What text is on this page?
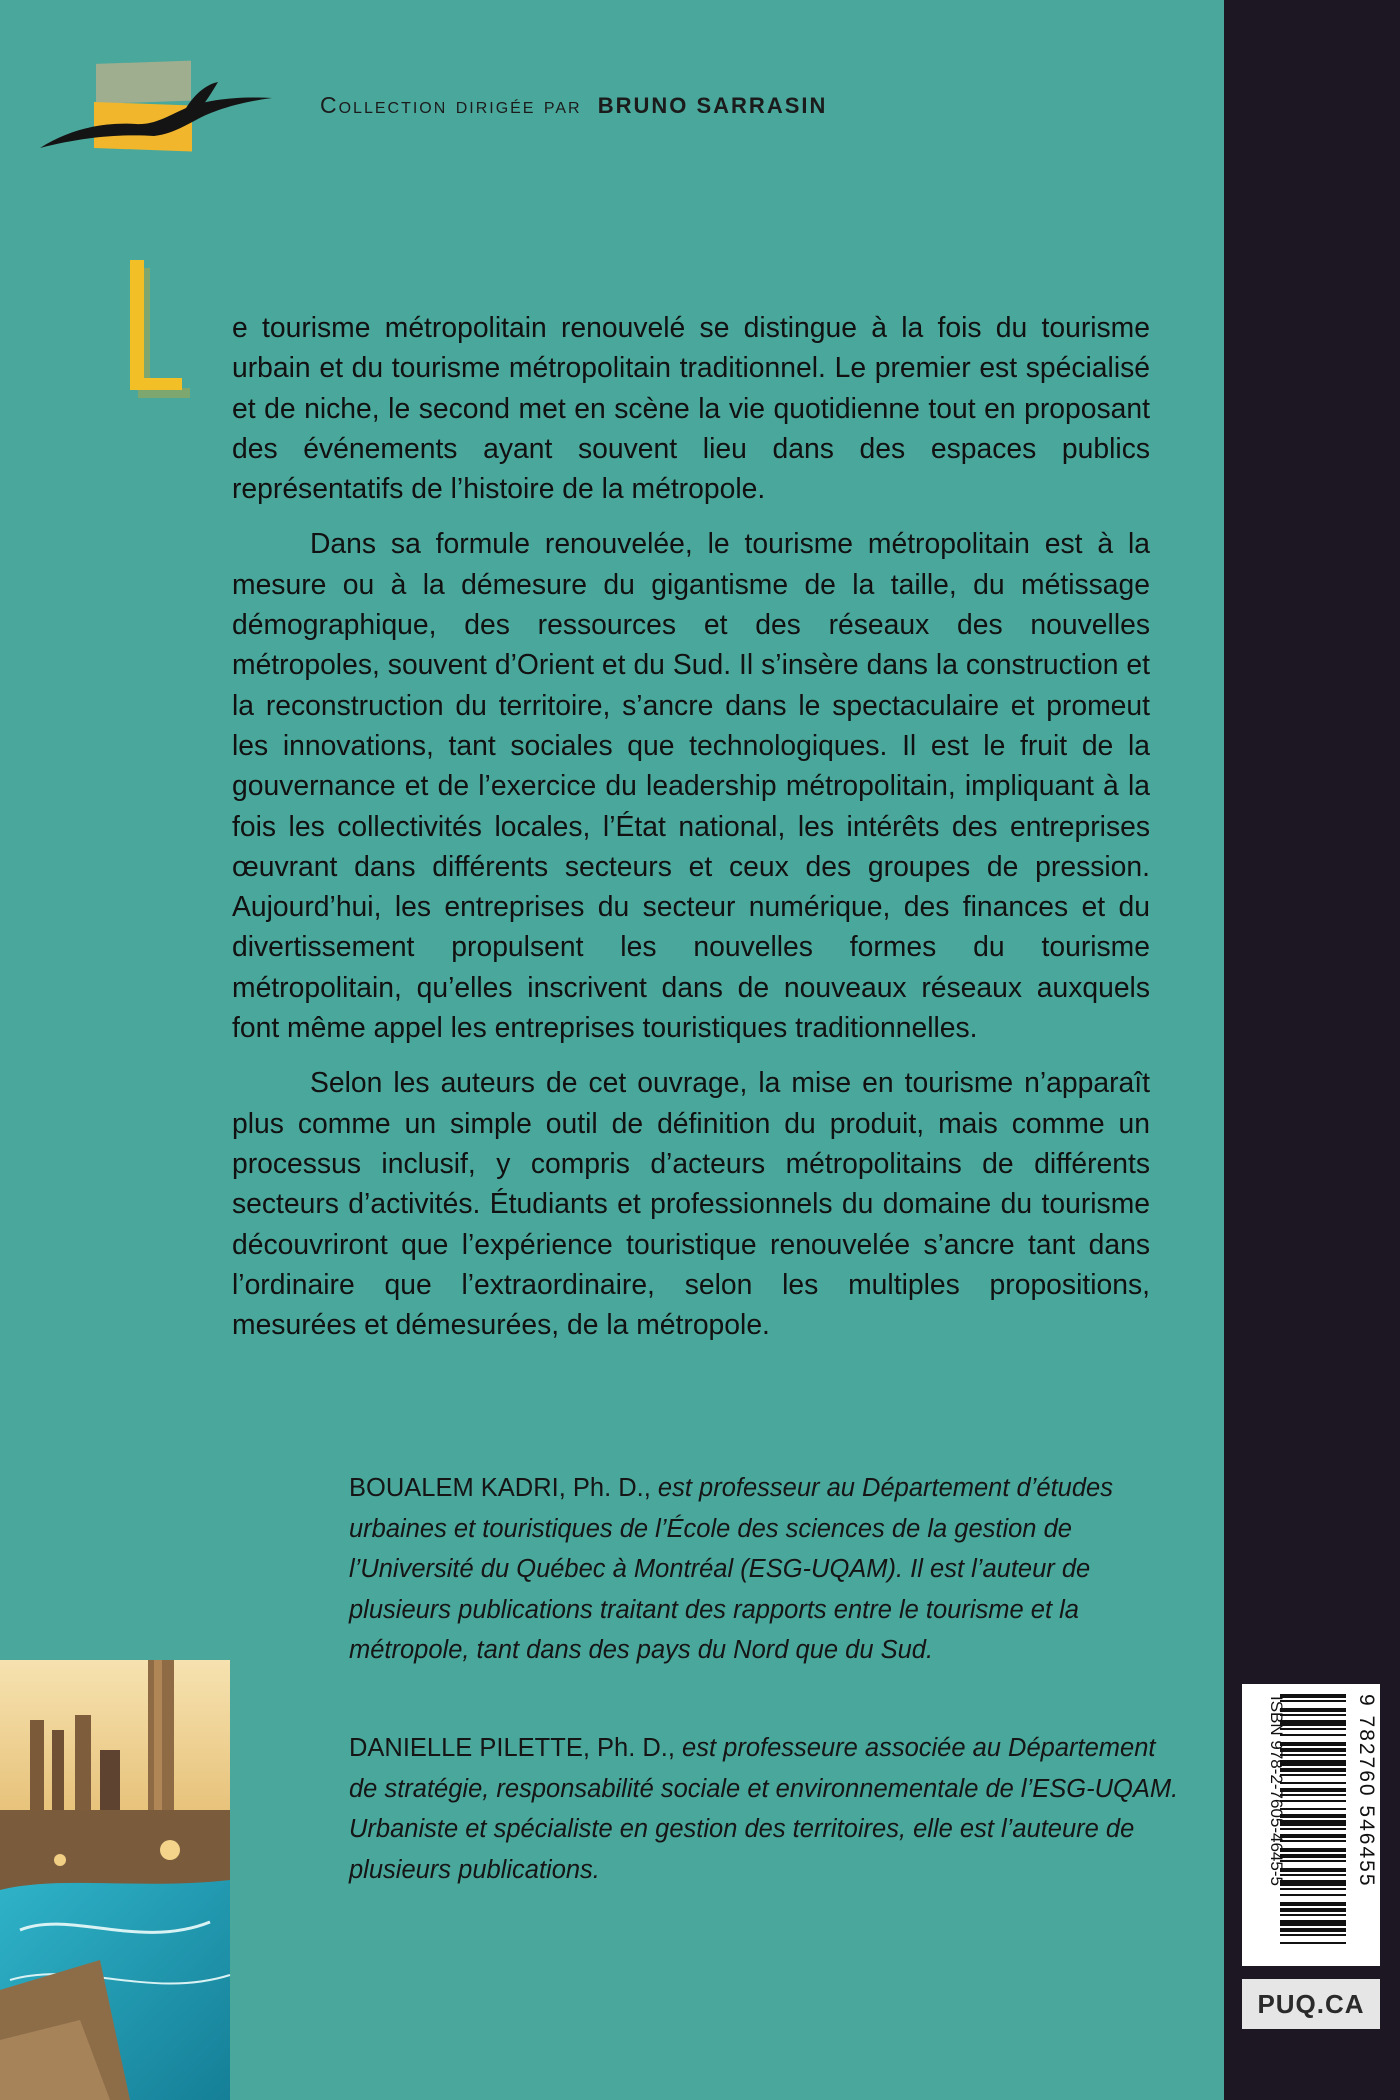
Collection dirigée par BRUNO SARRASIN

e tourisme métropolitain renouvelé se distingue à la fois du tourisme urbain et du tourisme métropolitain traditionnel. Le premier est spécialisé et de niche, le second met en scène la vie quotidienne tout en proposant des événements ayant souvent lieu dans des espaces publics représentatifs de l’histoire de la métropole.

Dans sa formule renouvelée, le tourisme métropolitain est à la mesure ou à la démesure du gigantisme de la taille, du métissage démographique, des ressources et des réseaux des nouvelles métropoles, souvent d’Orient et du Sud. Il s’insère dans la construction et la reconstruction du territoire, s’ancre dans le spectaculaire et promeut les innovations, tant sociales que technologiques. Il est le fruit de la gouvernance et de l’exercice du leadership métropolitain, impliquant à la fois les collectivités locales, l’État national, les intérêts des entreprises œuvrant dans différents secteurs et ceux des groupes de pression. Aujourd’hui, les entreprises du secteur numérique, des finances et du divertissement propulsent les nouvelles formes du tourisme métropolitain, qu’elles inscrivent dans de nouveaux réseaux auxquels font même appel les entreprises touristiques traditionnelles.

Selon les auteurs de cet ouvrage, la mise en tourisme n’apparaît plus comme un simple outil de définition du produit, mais comme un processus inclusif, y compris d’acteurs métropolitains de différents secteurs d’activités. Étudiants et professionnels du domaine du tourisme découvriront que l’expérience touristique renouvelée s’ancre tant dans l’ordinaire que l’extraordinaire, selon les multiples propositions, mesurées et démesurées, de la métropole.

BOUALEM KADRI, Ph. D., est professeur au Département d’études urbaines et touristiques de l’École des sciences de la gestion de l’Université du Québec à Montréal (ESG-UQAM). Il est l’auteur de plusieurs publications traitant des rapports entre le tourisme et la métropole, tant dans des pays du Nord que du Sud.
DANIELLE PILETTE, Ph. D., est professeure associée au Département de stratégie, responsabilité sociale et environnementale de l’ESG-UQAM. Urbaniste et spécialiste en gestion des territoires, elle est l’auteure de plusieurs publications.	ISBN 978-2-7605-4645-5	9 782760 546455
PUQ.CA
